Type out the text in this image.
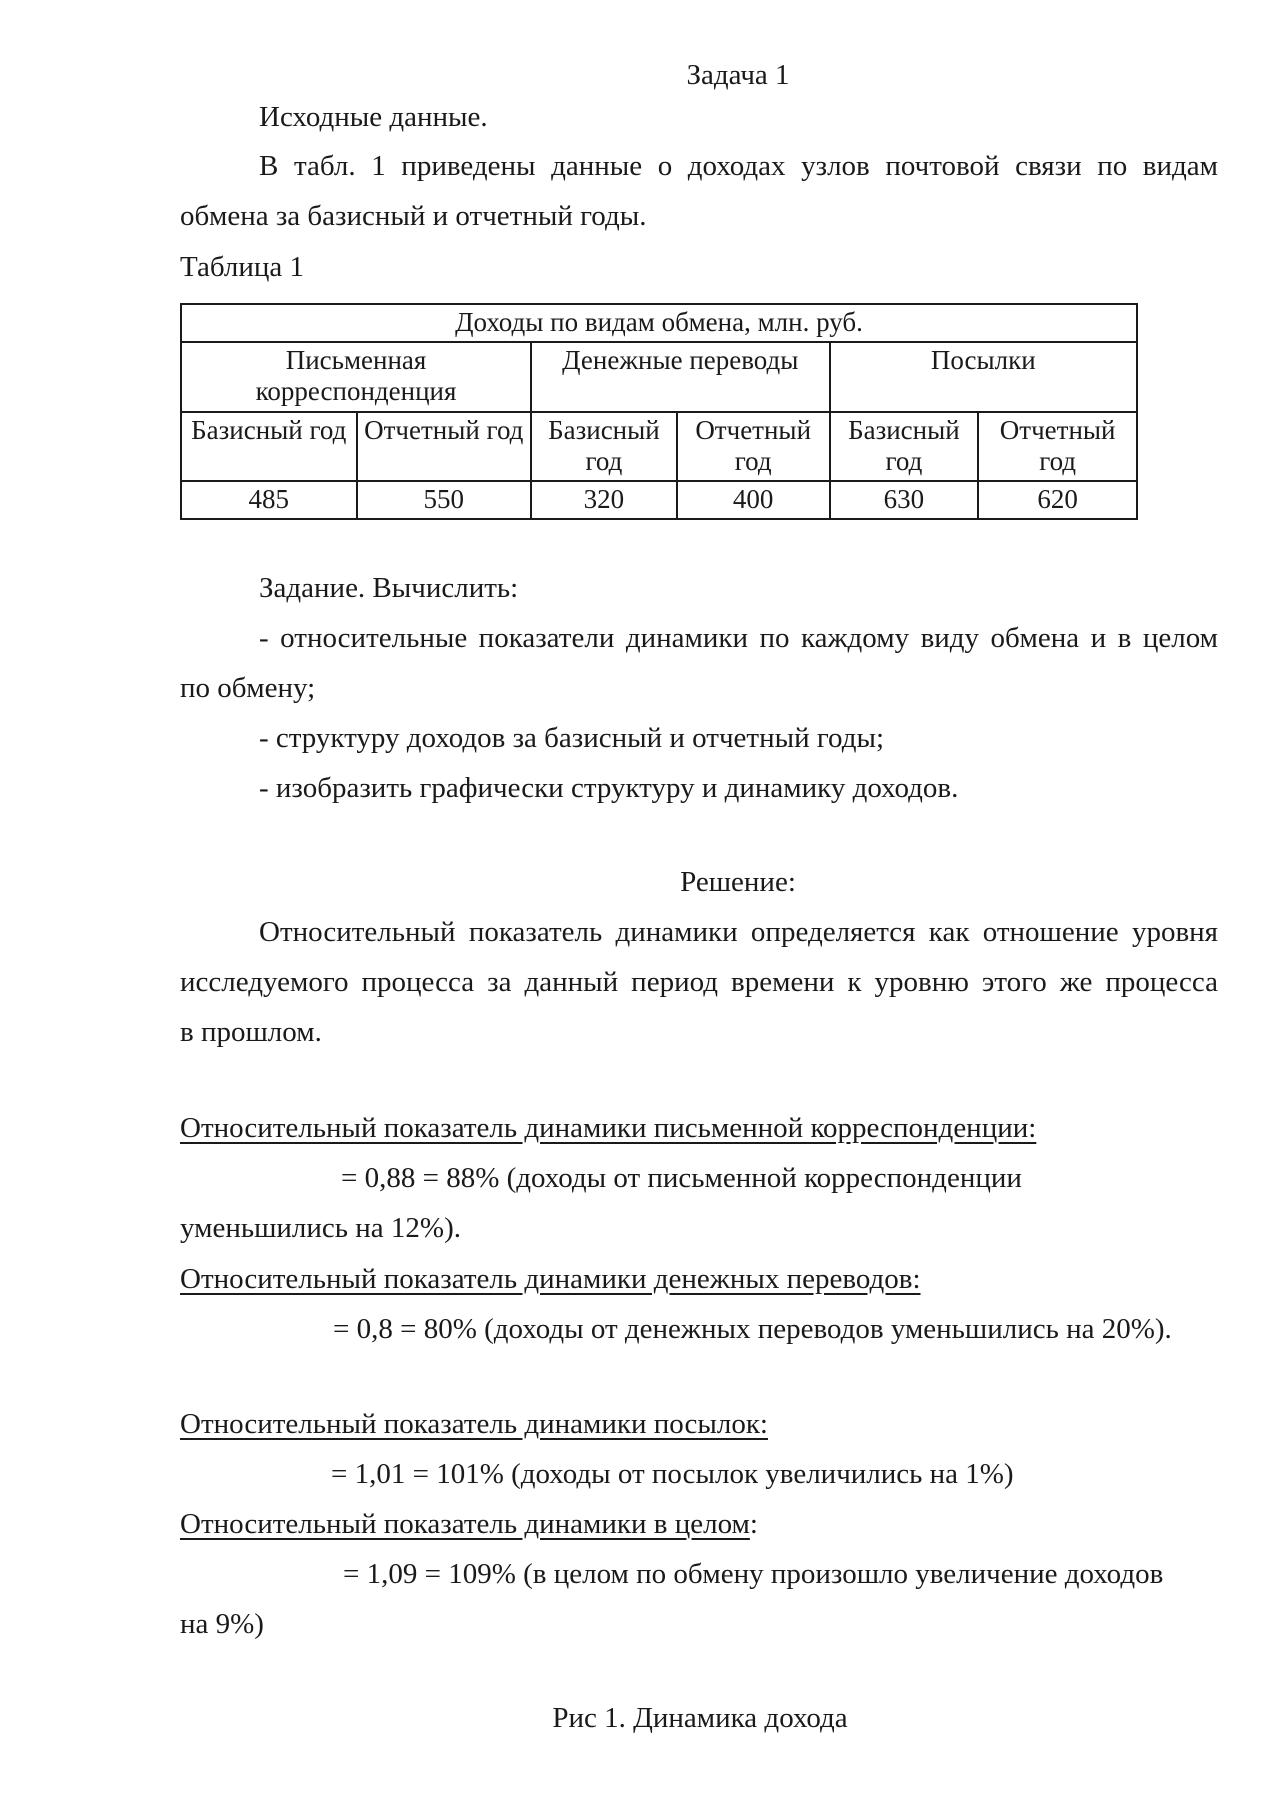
Задача 1
Исходные данные.
В табл. 1 приведены данные о доходах узлов почтовой связи по видам
обмена за базисный и отчетный годы.
Таблица 1
Доходы по видам обмена, млн. руб.					
Письменная корреспонденция		Денежные переводы		Посылки	
Базисный год	Отчетный год	Базисный год	Отчетный год	Базисный год	Отчетный год
485	550	320	400	630	620
Задание. Вычислить:
- относительные показатели динамики по каждому виду обмена и в целом
по обмену;
- структуру доходов за базисный и отчетный годы;
- изобразить графически структуру и динамику доходов.
Решение:
Относительный показатель динамики определяется как отношение уровня
исследуемого процесса за данный период времени к уровню этого же процесса
в прошлом.
Относительный показатель динамики письменной корреспонденции:
= 0,88 = 88% (доходы от письменной корреспонденции
уменьшились на 12%).
Относительный показатель динамики денежных переводов:
= 0,8 = 80% (доходы от денежных переводов уменьшились на 20%).
Относительный показатель динамики посылок:
= 1,01 = 101% (доходы от посылок увеличились на 1%)
Относительный показатель динамики в целом:
= 1,09 = 109% (в целом по обмену произошло увеличение доходов
на 9%)
Рис 1. Динамика дохода
